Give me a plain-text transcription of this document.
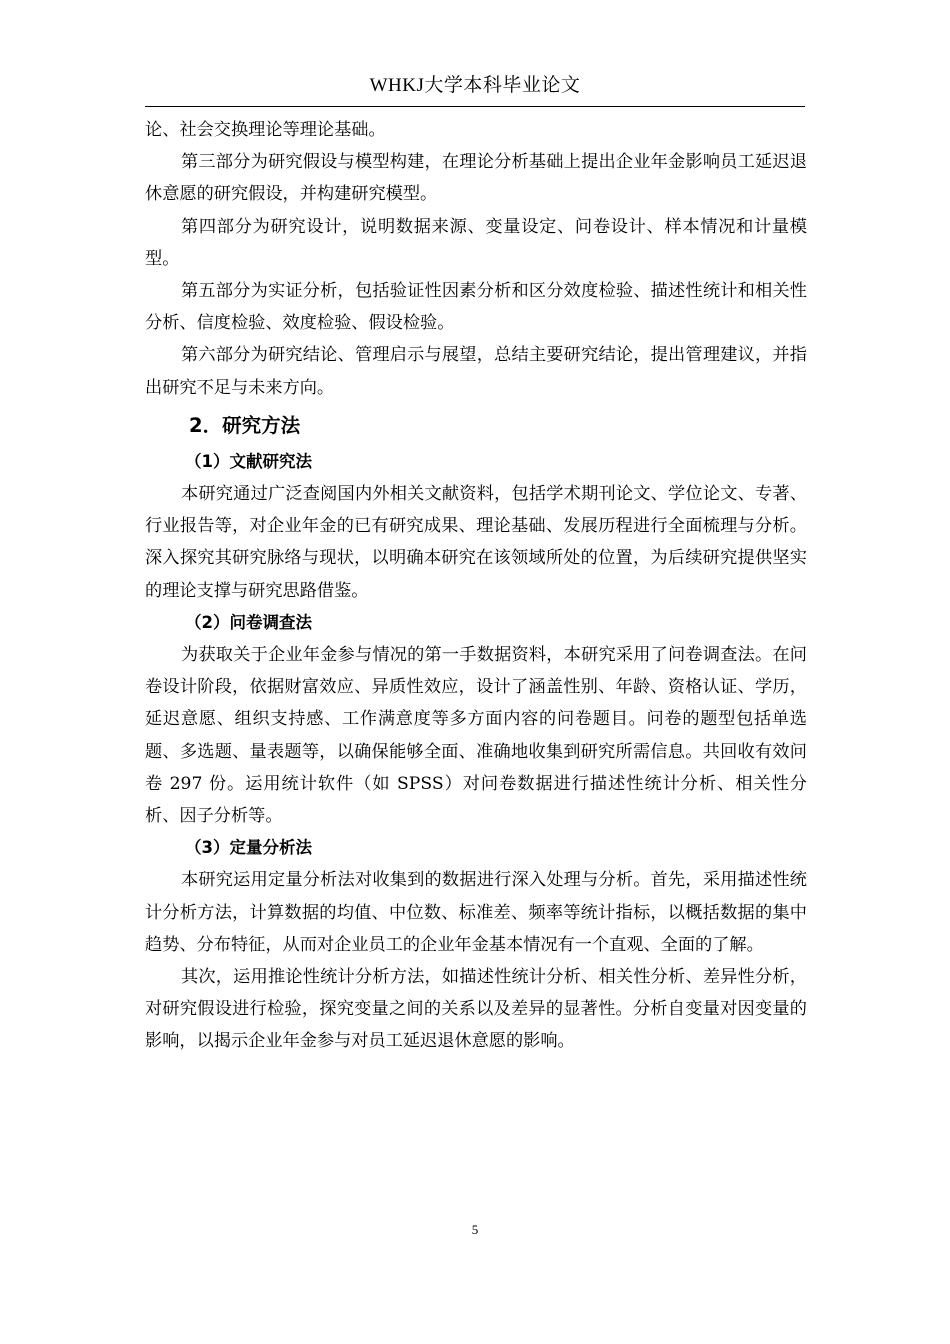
WHKJ大学本科毕业论文

论、社会交换理论等理论基础。

第三部分为研究假设与模型构建，在理论分析基础上提出企业年金影响员工延迟退休意愿的研究假设，并构建研究模型。

第四部分为研究设计，说明数据来源、变量设定、问卷设计、样本情况和计量模型。

第五部分为实证分析，包括验证性因素分析和区分效度检验、描述性统计和相关性分析、信度检验、效度检验、假设检验。

第六部分为研究结论、管理启示与展望，总结主要研究结论，提出管理建议，并指出研究不足与未来方向。

2．研究方法
（1）文献研究法

本研究通过广泛查阅国内外相关文献资料，包括学术期刊论文、学位论文、专著、行业报告等，对企业年金的已有研究成果、理论基础、发展历程进行全面梳理与分析。深入探究其研究脉络与现状，以明确本研究在该领域所处的位置，为后续研究提供坚实的理论支撑与研究思路借鉴。

（2）问卷调查法

为获取关于企业年金参与情况的第一手数据资料，本研究采用了问卷调查法。在问卷设计阶段，依据财富效应、异质性效应，设计了涵盖性别、年龄、资格认证、学历，延迟意愿、组织支持感、工作满意度等多方面内容的问卷题目。问卷的题型包括单选题、多选题、量表题等，以确保能够全面、准确地收集到研究所需信息。共回收有效问卷 297 份。运用统计软件（如 SPSS）对问卷数据进行描述性统计分析、相关性分析、因子分析等。

（3）定量分析法

本研究运用定量分析法对收集到的数据进行深入处理与分析。首先，采用描述性统计分析方法，计算数据的均值、中位数、标准差、频率等统计指标，以概括数据的集中趋势、分布特征，从而对企业员工的企业年金基本情况有一个直观、全面的了解。

其次，运用推论性统计分析方法，如描述性统计分析、相关性分析、差异性分析，对研究假设进行检验，探究变量之间的关系以及差异的显著性。分析自变量对因变量的影响，以揭示企业年金参与对员工延迟退休意愿的影响。

5
